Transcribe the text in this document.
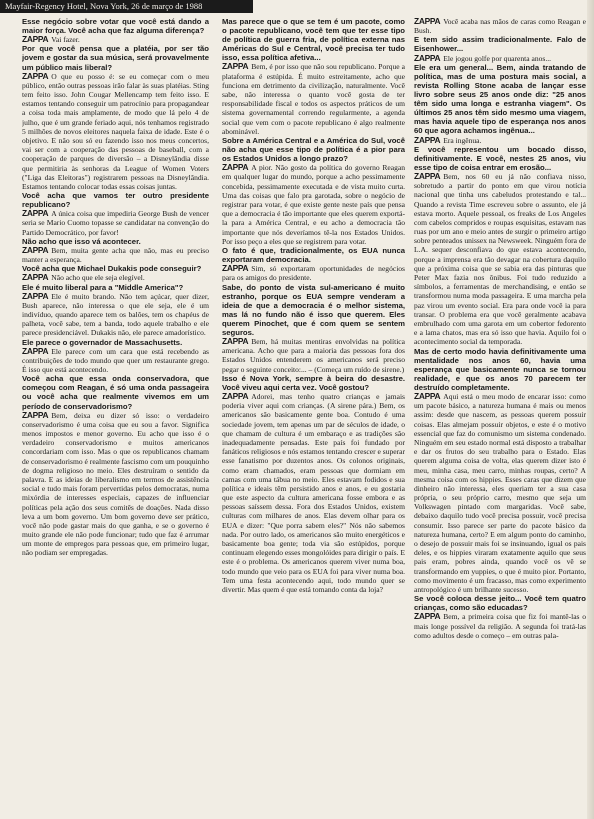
Mayfair-Regency Hotel, Nova York, 26 de março de 1988

Esse negócio sobre votar que você está dando a maior força. Você acha que faz alguma diferença?

ZAPPA Vai fazer.

Por que você pensa que a platéia, por ser tão jovem e gostar da sua música, será provavelmente um público mais liberal?

ZAPPA O que eu posso é: se eu começar com o meu público, então outras pessoas irão falar às suas platéias. Sting tem feito isso. John Cougar Mellencamp tem feito isso. E estamos tentando conseguir um patrocínio para propagandear a coisa toda mais amplamente, de modo que lá pelo 4 de julho, que é um grande feriado aqui, nós tenhamos registrado 5 milhões de novos eleitores naquela faixa de idade. Este é o objetivo. E não sou só eu fazendo isso nos meus concertos, vai ser com a cooperação das pessoas de baseball, com a cooperação de parques de diversão – a Disneylândia disse que permitiria às senhoras da League of Women Voters ("Liga das Eleitoras") registrarem pessoas na Disneylândia. Estamos tentando colocar todas essas coisas juntas.

Você acha que vamos ter outro presidente republicano?

ZAPPA A única coisa que impediria George Bush de vencer seria se Mario Cuomo topasse se candidatar na convenção do Partido Democrático, por favor!

Não acho que isso vá acontecer.

ZAPPA Bem, muita gente acha que não, mas eu preciso manter a esperança.

Você acha que Michael Dukakis pode conseguir?

ZAPPA Não acho que ele seja elegível.

Ele é muito liberal para a "Middle America"?

ZAPPA Ele é muito brando. Não tem açúcar, quer dizer, Bush aparece, não interessa o que ele seja, ele é um indivíduo, quando aparece tem os balões, tem os chapéus de palheta, você sabe, tem a banda, todo aquele trabalho e ele parece presidenciável. Dukakis não, ele parece amadorístico.

Ele parece o governador de Massachusetts.

ZAPPA Ele parece com um cara que está recebendo as contribuições de todo mundo que quer um restaurante grego. É isso que está acontecendo.

Você acha que essa onda conservadora, que começou com Reagan, é só uma onda passageira ou você acha que realmente vivemos em um período de conservadorismo?

ZAPPA Bem, deixa eu dizer só isso: o verdadeiro conservadorismo é uma coisa que eu sou a favor. Significa menos impostos e menor governo. Eu acho que isso é o verdadeiro conservadorismo e muitos americanos concordariam com isso. Mas o que os republicanos chamam de conservadorismo é realmente fascismo com um pouquinho de dogma religioso no meio. Eles destruíram o sentido da palavra. E as ideias de liberalismo em termos de assistência social e tudo mais foram pervertidas pelos democratas, numa mixórdia de interesses especiais, capazes de influenciar políticas pela ação dos seus comitês de doações. Nada disso leva a um bom governo. Um bom governo deve ser prático, você não pode gastar mais do que ganha, e se o governo é muito grande ele não pode funcionar; tudo que faz é arrumar um monte de empregos para pessoas que, em primeiro lugar, não podiam ser empregadas.

Mas parece que o que se tem é um pacote, como o pacote republicano, você tem que ter esse tipo de política de guerra fria, de política externa nas Américas do Sul e Central, você precisa ter tudo isso, essa política afetiva...

ZAPPA Bem, é por isso que não sou republicano. Porque a plataforma é estúpida. É muito estreitamente, acho que funciona em detrimento da civilização, naturalmente. Você sabe, não interessa o quanto você gosta de ter responsabilidade fiscal e todos os aspectos práticos de um sistema governamental correndo regularmente, a agenda social que vem com o pacote republicano é algo realmente abominável.

Sobre a América Central e a América do Sul, você não acha que esse tipo de política é a pior para os Estados Unidos a longo prazo?

ZAPPA A pior. Não gosto da política do governo Reagan em qualquer lugar do mundo, porque a acho pessimamente concebida, pessimamente executada e de vista muito curta. Uma das coisas que falo pra garotada, sobre o negócio de registrar para votar, é que existe gente neste país que pensa que a democracia é tão importante que eles querem exportá-la para a América Central, e eu acho a democracia tão importante que nós deveríamos tê-la nos Estados Unidos. Por isso peço a eles que se registrem para votar.

O fato é que, tradicionalmente, os EUA nunca exportaram democracia.

ZAPPA Sim, só exportaram oportunidades de negócios para os amigos do presidente.

Sabe, do ponto de vista sul-americano é muito estranho, porque os EUA sempre venderam a ideia de que a democracia é o melhor sistema, mas lá no fundo não é isso que querem. Eles querem Pinochet, que é com quem se sentem seguros.

ZAPPA Bem, há muitas mentiras envolvidas na política americana. Acho que para a maioria das pessoas fora dos Estados Unidos entenderem os americanos será preciso pegar o seguinte conceito:... – (Começa um ruído de sirene.)

Isso é Nova York, sempre à beira do desastre. Você viveu aqui certa vez. Você gostou?

ZAPPA Adorei, mas tenho quatro crianças e jamais poderia viver aqui com crianças. (A sirene pára.) Bem, os americanos são basicamente gente boa. Contudo é uma sociedade jovem, tem apenas um par de séculos de idade, o que chamam de cultura é um embaraço e as tradições são inadequadamente pensadas. Este país foi fundado por fanáticos religiosos e nós estamos tentando crescer e superar esse fanatismo por duzentos anos. Os colonos originais, como eram chamados, eram pessoas que dormiam em camas com uma tábua no meio. Eles estavam fodidos e sua política e ideais têm persistido anos e anos, e eu gostaria que este aspecto da cultura americana fosse embora e as pessoas saíssem dessa. Fora dos Estados Unidos, existem culturas com milhares de anos. Elas devem olhar para os EUA e dizer: "Que porra sabem eles?" Nós não sabemos nada. Por outro lado, os americanos são muito energéticos e basicamente boa gente; toda via são estúpidos, porque continuam elegendo esses mongolóides para dirigir o país. E este é o problema. Os americanos querem viver numa boa, todo mundo que veio para os EUA foi para viver numa boa. Tem uma festa acontecendo aqui, todo mundo quer se divertir. Mas quem é que está tomando conta da loja?

ZAPPA Você acaba nas mãos de caras como Reagan e Bush.

E tem sido assim tradicionalmente. Falo de Eisenhower...

ZAPPA Ele jogou golfe por quarenta anos...

Ele era um general... Bem, ainda tratando de política, mas de uma postura mais social, a revista Rolling Stone acaba de lançar esse livro sobre seus 25 anos onde diz: "25 anos têm sido uma longa e estranha viagem". Os últimos 25 anos têm sido mesmo uma viagem, mas havia aquele tipo de esperança nos anos 60 que agora achamos ingênua...

ZAPPA Era ingênua.

E você representou um bocado disso, definitivamente. E você, nestes 25 anos, viu esse tipo de coisa entrar em erosão...

ZAPPA Bem, nos 60 eu já não confiava nisso, sobretudo a partir do ponto em que virou notícia nacional que tinha uns cabeludos protestando e tal... Quando a revista Time escreveu sobre o assunto, ele já estava morto. Aquele pessoal, os freaks de Los Angeles com cabelos compridos e roupas esquisitas, estavam nas ruas por um ano e meio antes de surgir o primeiro artigo sobre penteados unissex na Newsweek. Ninguém fora de L.A. sequer desconfiava do que estava acontecendo, porque a imprensa era tão devagar na cobertura daquilo que a próxima coisa que se sabia era das pinturas que Peter Max fazia nos ônibus. Foi tudo reduzido a símbolos, a ferramentas de merchandising, e então se transformou numa moda passageira. E uma marcha pela paz virou um evento social. Era para onde você ia para transar. O problema era que você geralmente acabava embrulhado com uma garota em um cobertor fedorento e a lama chatos, mas era só isso que havia. Aquilo foi o acontecimento social da temporada.

Mas de certo modo havia definitivamente uma mentalidade nos anos 60, havia uma esperança que basicamente nunca se tornou realidade, e que os anos 70 parecem ter destruído completamente.

ZAPPA Aqui está o meu modo de encarar isso: como um pacote básico, a natureza humana é mais ou menos assim: desde que nascem, as pessoas querem possuir coisas. Elas almejam possuir objetos, e este é o motivo essencial que faz do comunismo um sistema condenado. Ninguém em seu estado normal está disposto a trabalhar e dar os frutos do seu trabalho para o Estado. Elas querem alguma coisa de volta, elas querem dizer isto é meu, minha casa, meu carro, minhas roupas, certo? A mesma coisa com os hippies. Esses caras que dizem que dinheiro não interessa, eles queriam ter a sua casa própria, o seu próprio carro, mesmo que seja um Volkswagen pintado com margaridas. Você sabe, debaixo daquilo tudo você precisa possuir, você precisa consumir. Isso parece ser parte do pacote básico da natureza humana, certo? E em algum ponto do caminho, o desejo de possuir mais foi se insinuando, igual os pais deles, e os hippies viraram exatamente aquilo que seus pais eram, pobres ainda, quando você os vê se transformando em yuppies, o que é muito pior. Portanto, como movimento é um fracasso, mas como experimento antropológico é um brilhante sucesso.

Se você coloca desse jeito... Você tem quatro crianças, como são educadas?

ZAPPA Bem, a primeira coisa que fiz foi mantê-las o mais longe possível da religião. A segunda foi tratá-las como adultos desde o começo – em outras pala-
